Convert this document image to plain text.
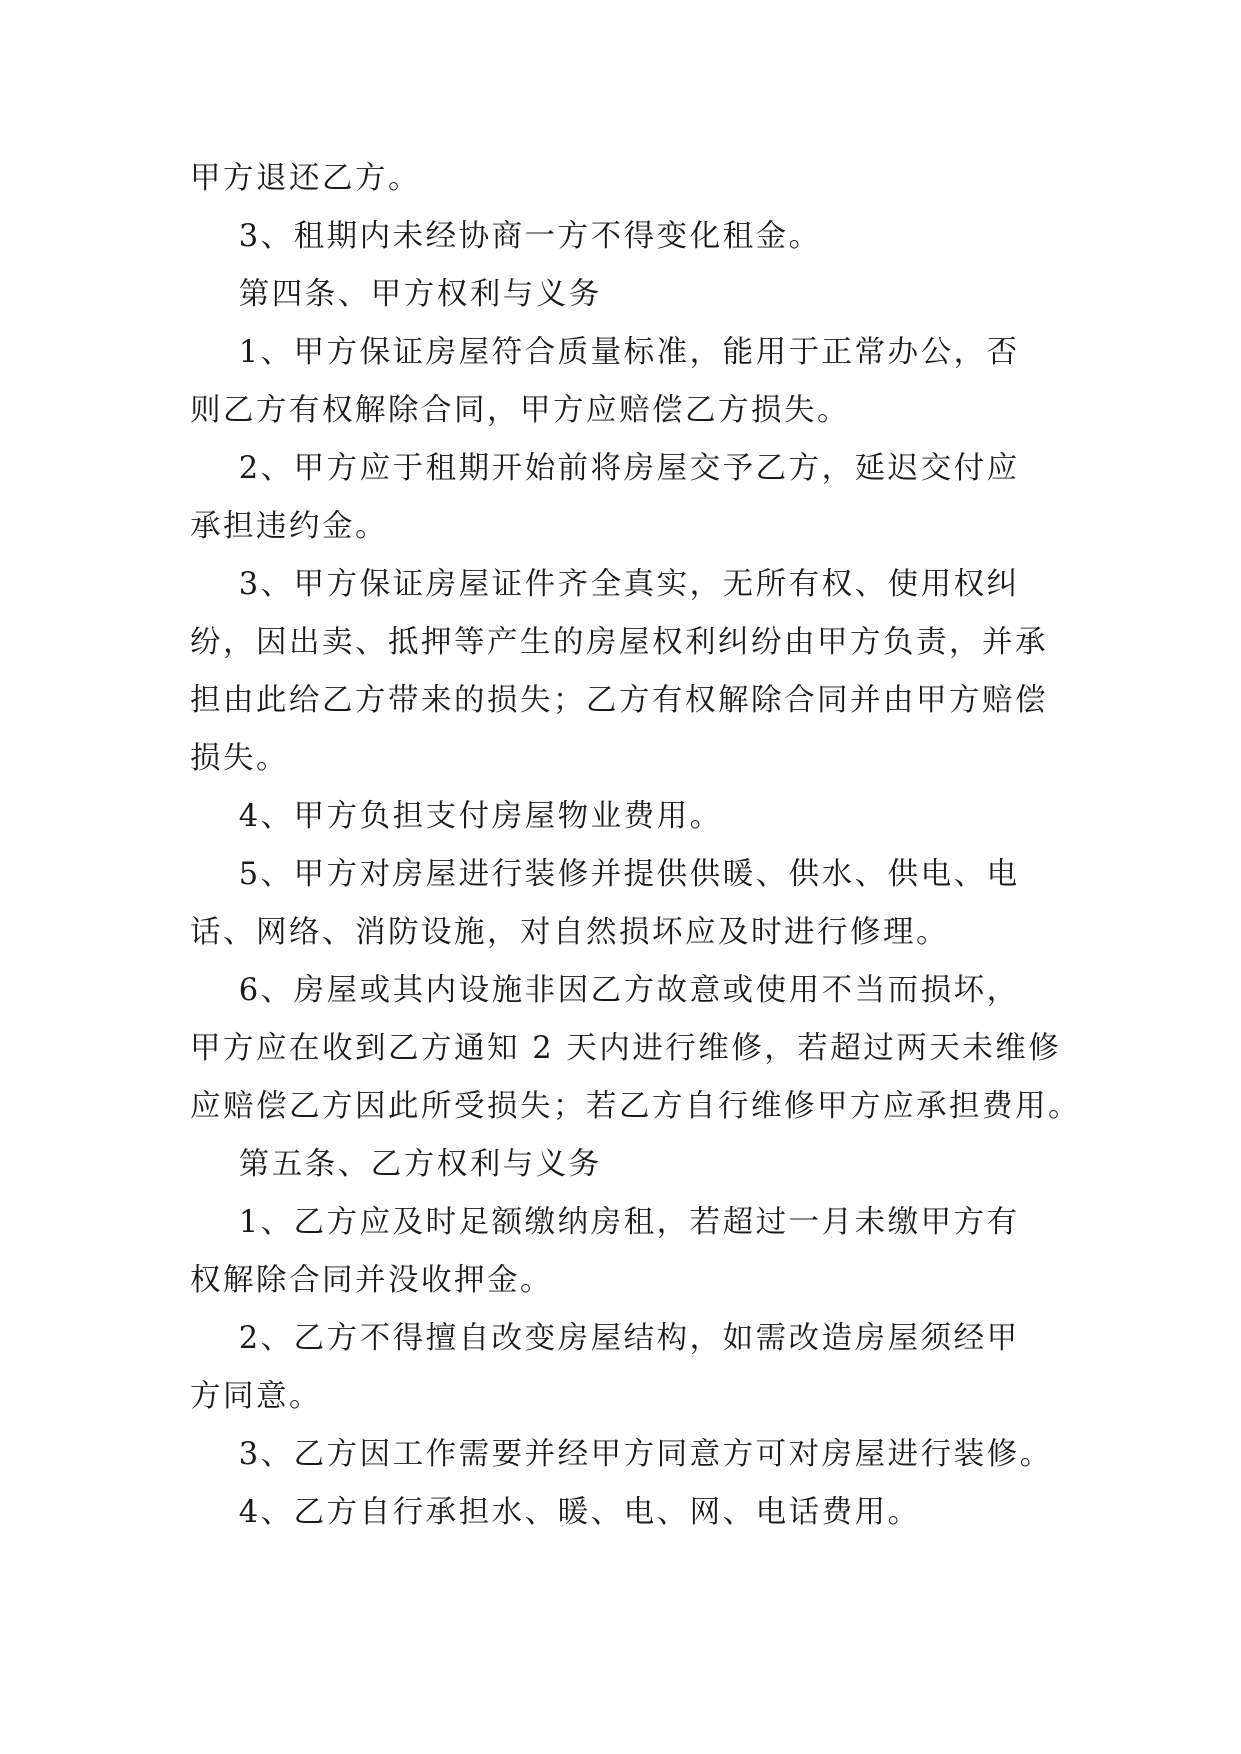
甲方退还乙方。

3、租期内未经协商一方不得变化租金。

第四条、甲方权利与义务

1、甲方保证房屋符合质量标准，能用于正常办公，否
则乙方有权解除合同，甲方应赔偿乙方损失。

2、甲方应于租期开始前将房屋交予乙方，延迟交付应
承担违约金。

3、甲方保证房屋证件齐全真实，无所有权、使用权纠
纷，因出卖、抵押等产生的房屋权利纠纷由甲方负责，并承
担由此给乙方带来的损失；乙方有权解除合同并由甲方赔偿
损失。

4、甲方负担支付房屋物业费用。

5、甲方对房屋进行装修并提供供暖、供水、供电、电
话、网络、消防设施，对自然损坏应及时进行修理。

6、房屋或其内设施非因乙方故意或使用不当而损坏，
甲方应在收到乙方通知 2 天内进行维修，若超过两天未维修
应赔偿乙方因此所受损失；若乙方自行维修甲方应承担费用。

第五条、乙方权利与义务

1、乙方应及时足额缴纳房租，若超过一月未缴甲方有
权解除合同并没收押金。

2、乙方不得擅自改变房屋结构，如需改造房屋须经甲
方同意。

3、乙方因工作需要并经甲方同意方可对房屋进行装修。

4、乙方自行承担水、暖、电、网、电话费用。
